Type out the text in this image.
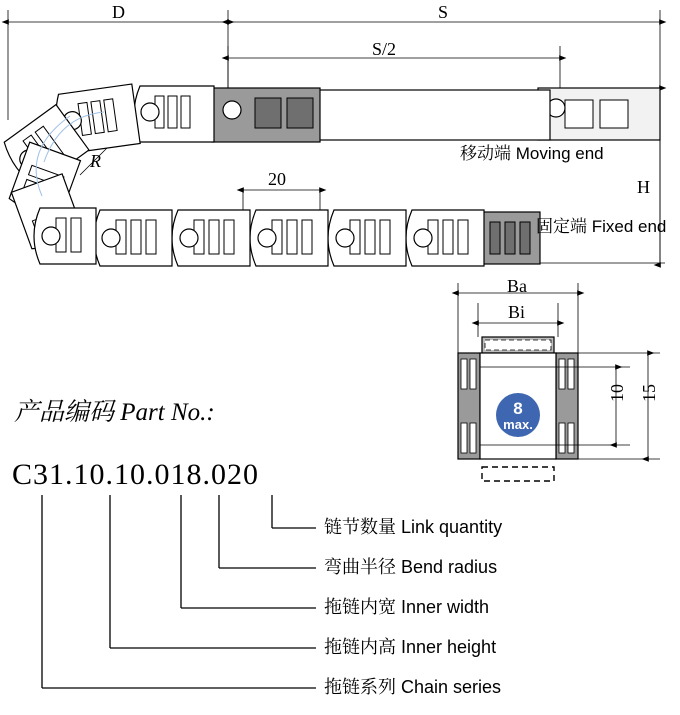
D	S
S/2
R
20	H
移动端 Moving end
固定端 Fixed end
Ba
Bi
10 15
8
max.
产品编码 Part No.:
C31.10.10.018.020
链节数量 Link quantity
弯曲半径 Bend radius
拖链内宽 Inner width
拖链内高 Inner height
拖链系列 Chain series
